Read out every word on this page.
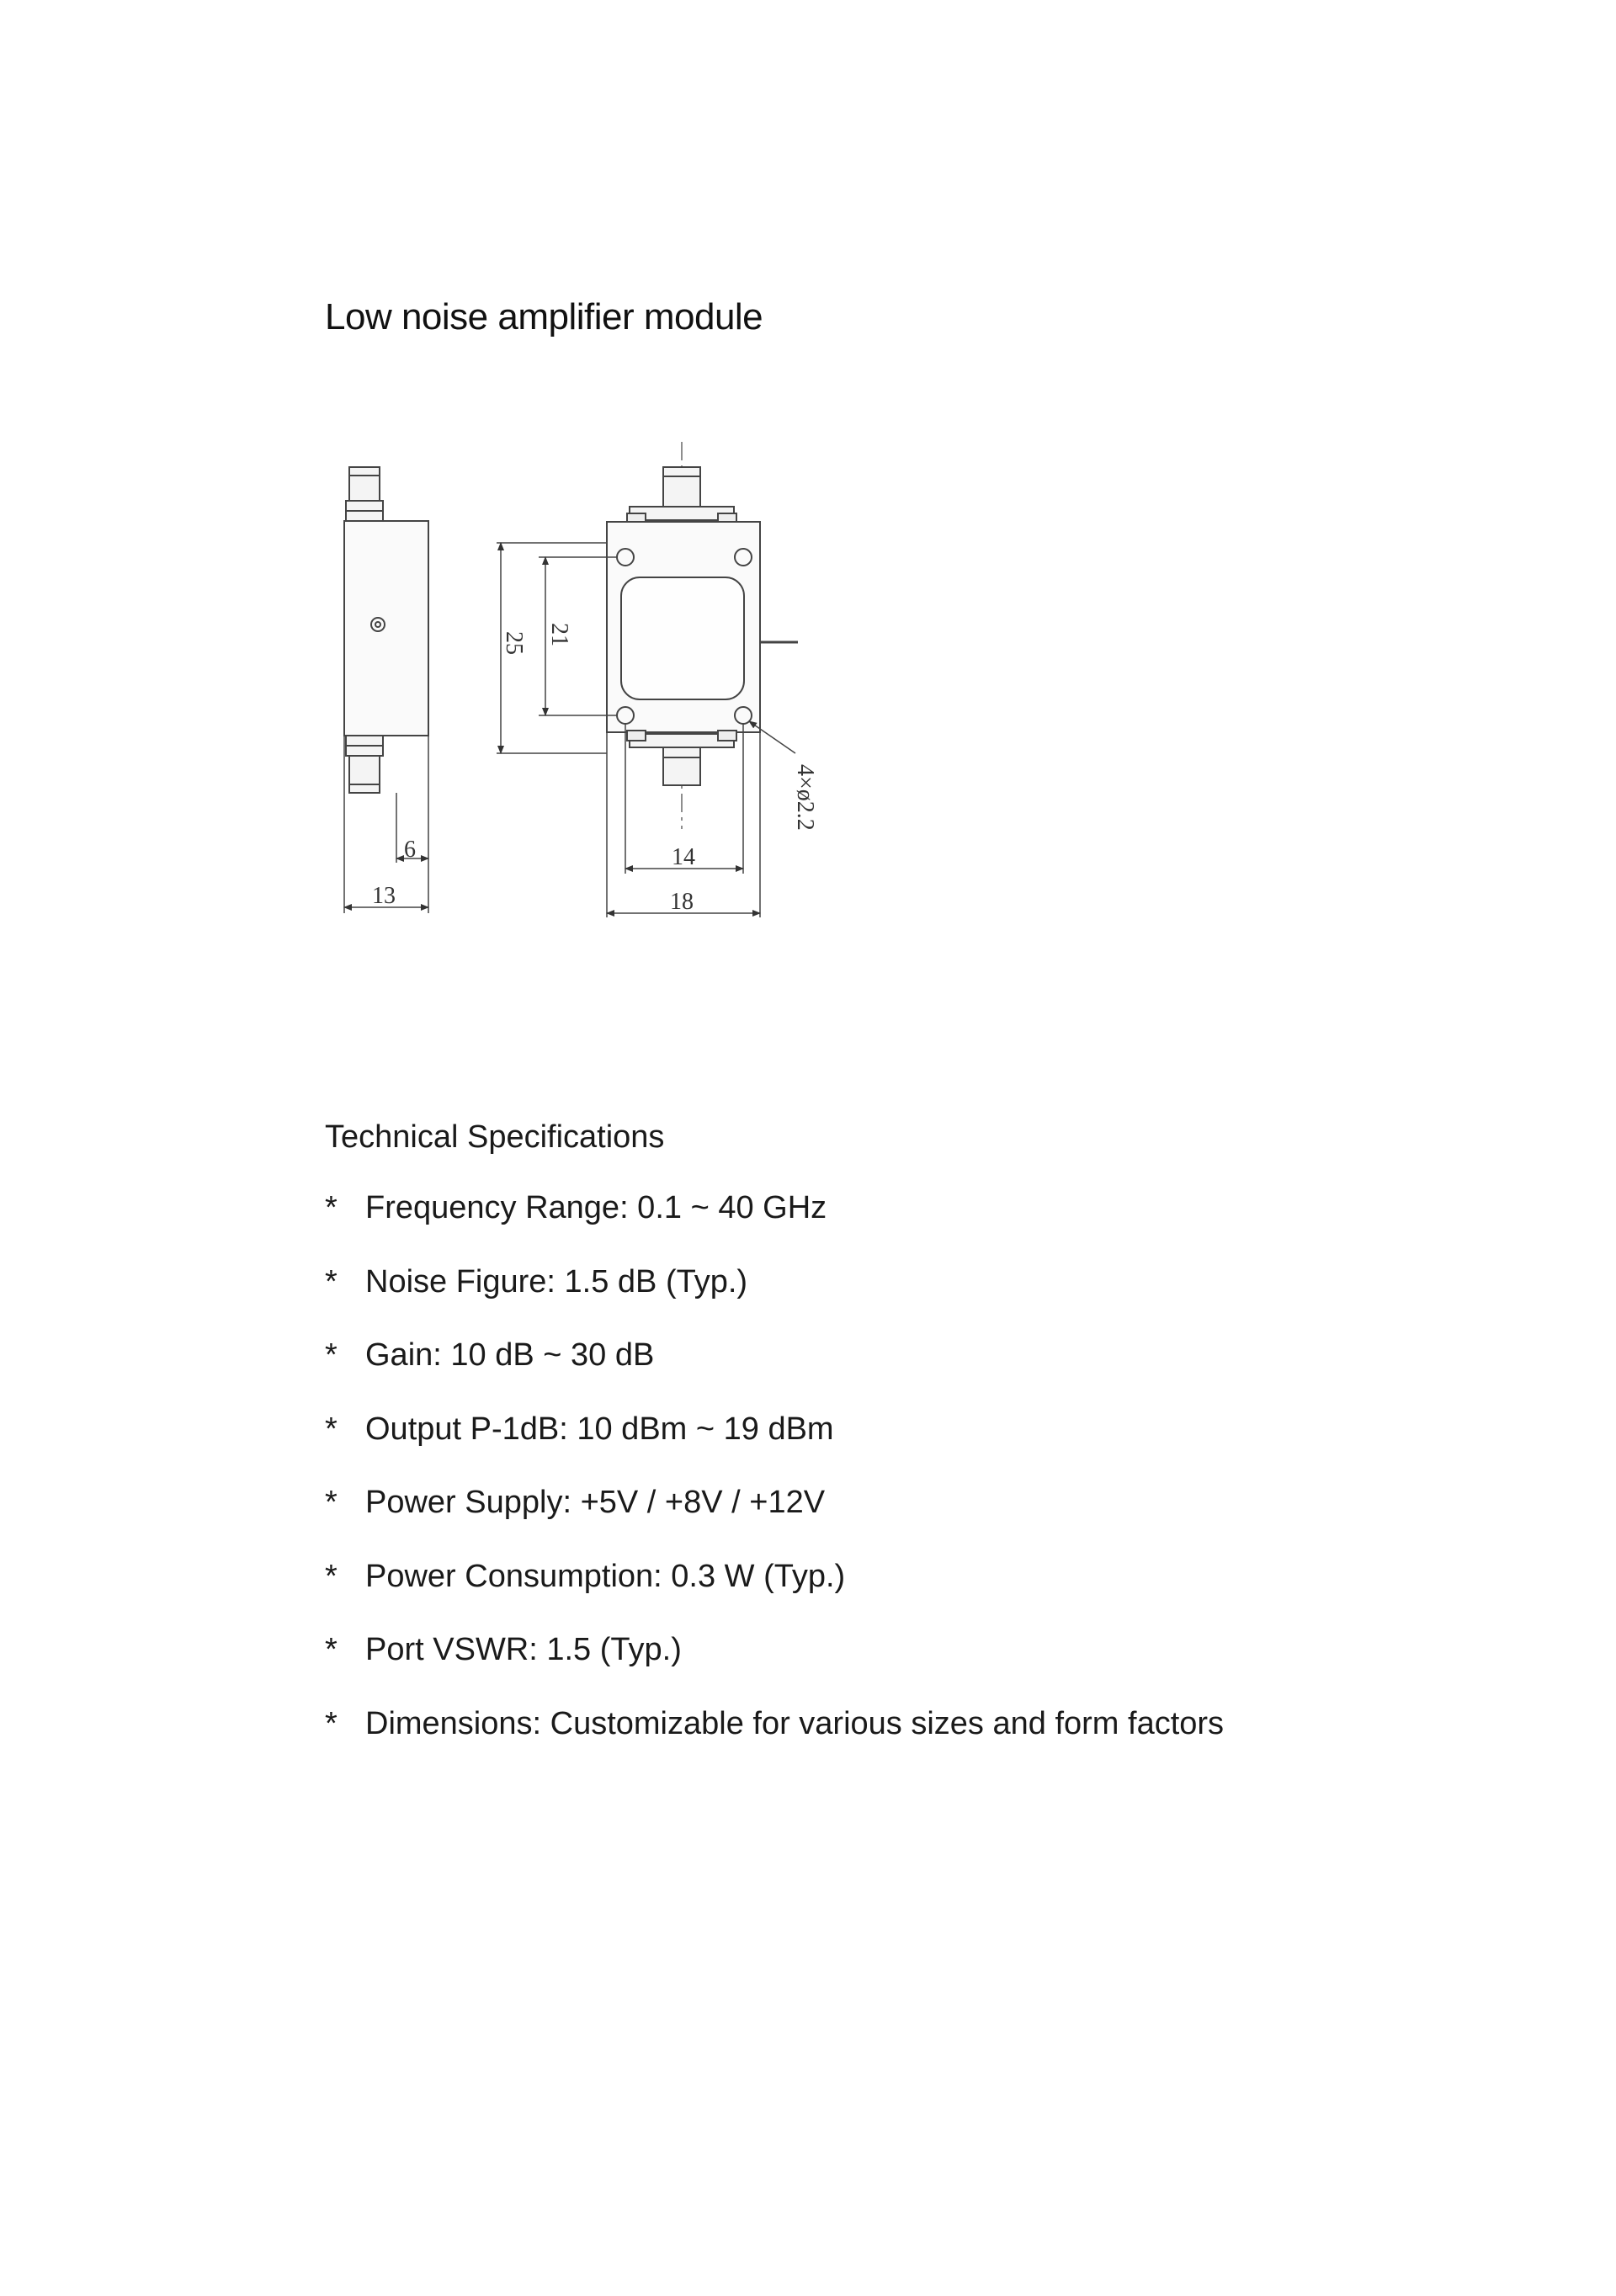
Low noise amplifier module
6
13
25 21
14
18
4×ø2.2
Technical Specifications
* Frequency Range: 0.1 ~ 40 GHz
* Noise Figure: 1.5 dB (Typ.)
* Gain: 10 dB ~ 30 dB
* Output P-1dB: 10 dBm ~ 19 dBm
* Power Supply: +5V / +8V / +12V
* Power Consumption: 0.3 W (Typ.)
* Port VSWR: 1.5 (Typ.)
* Dimensions: Customizable for various sizes and form factors
